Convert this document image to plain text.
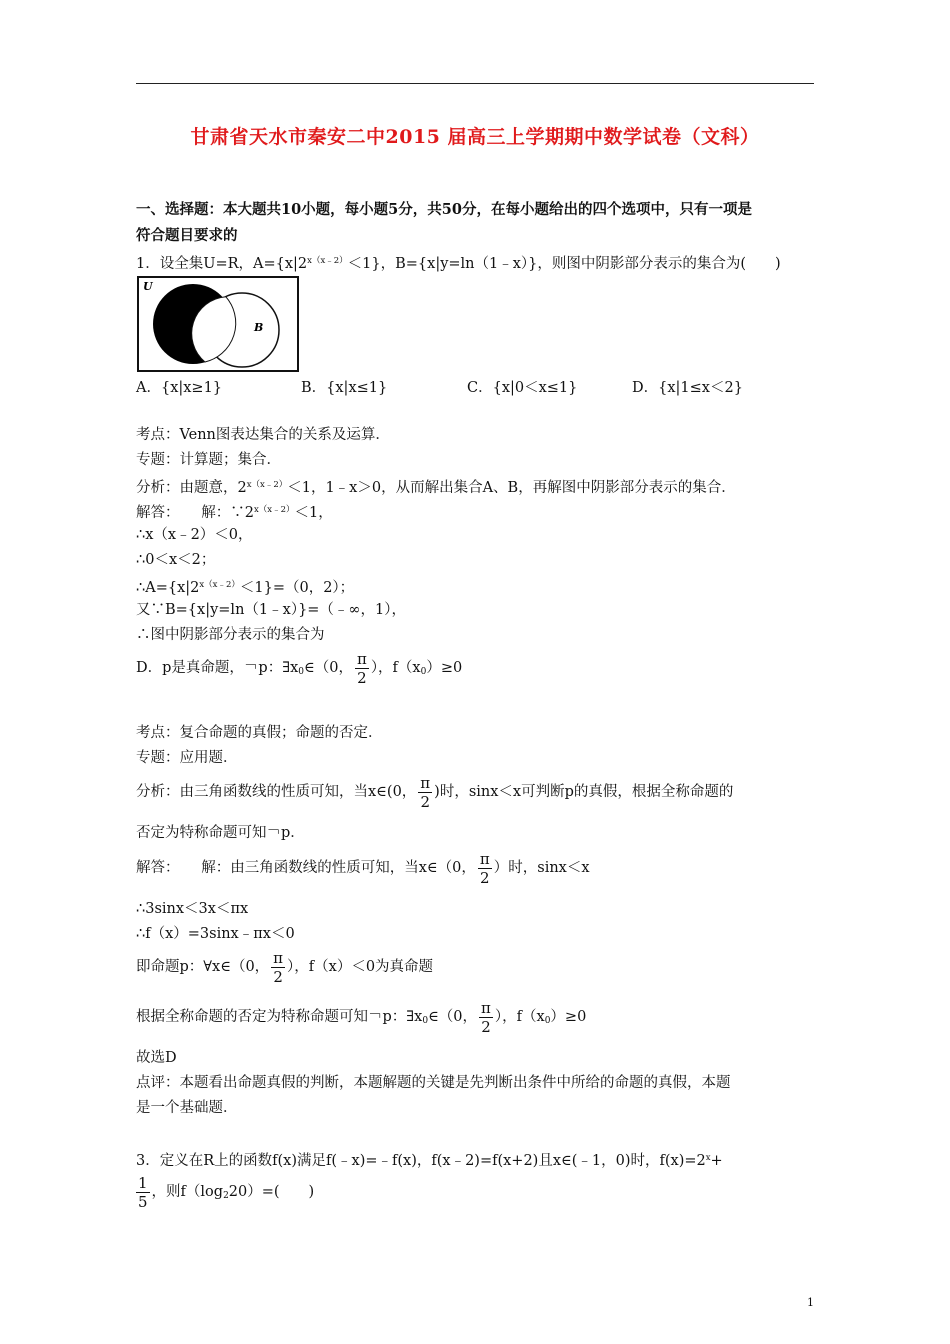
甘肃省天水市秦安二中2015 届高三上学期期中数学试卷（文科）
一、选择题：本大题共10小题，每小题5分，共50分，在每小题给出的四个选项中，只有一项是
符合题目要求的
1．设全集U=R，$A=\{x|2^{x(x﹣2)}<1\}$，B={x|y=ln（1﹣x）}，则图中阴影部分表示的集合为(　　)
U
B
A．{x|x≥1}	B．{x|x≤1}	C．{x|0＜x≤1}	D．{x|1≤x＜2}
考点：Venn图表达集合的关系及运算．
专题：计算题；集合．
分析：由题意，$2^{x(x﹣2)}<1$，1﹣x＞0，从而解出集合A、B，再解图中阴影部分表示的集合．
解答：　　解：$\because 2^{x(x﹣2)}<1$，
∴x（x﹣2）＜0，
∴0＜x＜2；
$\therefore A=\{x|2^{x(x﹣2)}<1\}=(0$，2）；
又∵B={x|y=ln（1﹣x）}=（﹣∞，1），
∴图中阴影部分表示的集合为
D．p是真命题，￢p：$\exists x_0\in(0$， $\frac{\pi}{2}$ ），$f(x_0)\ge 0$
考点：复合命题的真假；命题的否定．
专题：应用题．
分析：由三角函数线的性质可知，当x∈(0， $\frac{\pi}{2}$ )时，sinx＜x可判断p的真假，根据全称命题的
否定为特称命题可知￢p．
解答：　　解：由三角函数线的性质可知，当x∈（0， $\frac{\pi}{2}$ ）时，sinx＜x
∴3sinx＜3x＜πx
∴f（x）=3sinx﹣πx＜0
即命题p：∀x∈（0， $\frac{\pi}{2}$ ），f（x）＜0为真命题
根据全称命题的否定为特称命题可知￢p：$\exists x_0\in(0$， $\frac{\pi}{2}$ ），$f(x_0)\ge 0$
故选D
点评：本题看出命题真假的判断，本题解题的关键是先判断出条件中所给的命题的真假，本题
是一个基础题．
3．定义在R上的函数f(x)满足f(﹣x)=﹣f(x)，f(x﹣2)=f(x+2)且x∈(﹣1，0)时，$f(x)=2^x+$
$\frac{1}{5}$ ，则$f(\log_220)=$(　　)
1
